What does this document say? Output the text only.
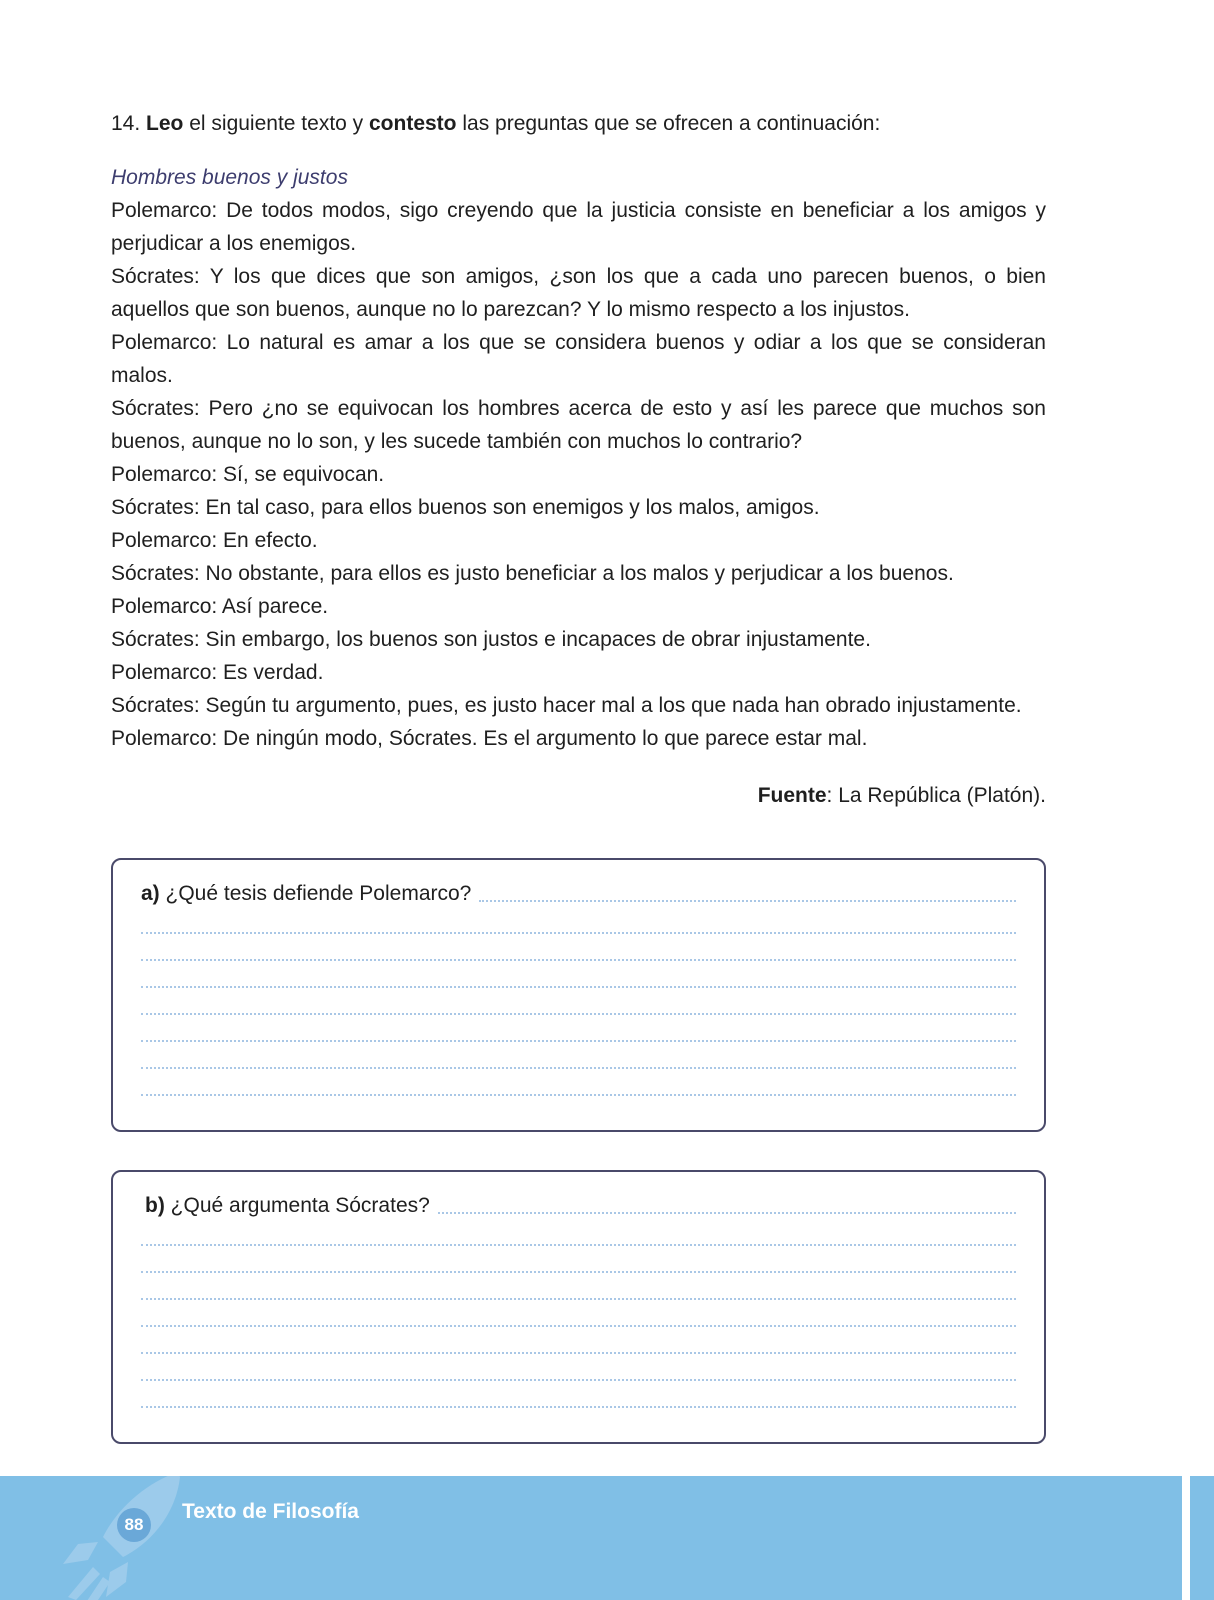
14. Leo el siguiente texto y contesto las preguntas que se ofrecen a continuación:

Hombres buenos y justos

Polemarco: De todos modos, sigo creyendo que la justicia consiste en beneficiar a los amigos y perjudicar a los enemigos.

Sócrates: Y los que dices que son amigos, ¿son los que a cada uno parecen buenos, o bien aquellos que son buenos, aunque no lo parezcan? Y lo mismo respecto a los injustos.

Polemarco: Lo natural es amar a los que se considera buenos y odiar a los que se consideran malos.

Sócrates: Pero ¿no se equivocan los hombres acerca de esto y así les parece que muchos son buenos, aunque no lo son, y les sucede también con muchos lo contrario?

Polemarco: Sí, se equivocan.

Sócrates: En tal caso, para ellos buenos son enemigos y los malos, amigos.

Polemarco: En efecto.

Sócrates: No obstante, para ellos es justo beneficiar a los malos y perjudicar a los buenos.

Polemarco: Así parece.

Sócrates: Sin embargo, los buenos son justos e incapaces de obrar injustamente.

Polemarco: Es verdad.

Sócrates: Según tu argumento, pues, es justo hacer mal a los que nada han obrado injustamente.

Polemarco: De ningún modo, Sócrates. Es el argumento lo que parece estar mal.

Fuente: La República (Platón).
a) ¿Qué tesis defiende Polemarco?
b) ¿Qué argumenta Sócrates?
88
Texto de Filosofía
